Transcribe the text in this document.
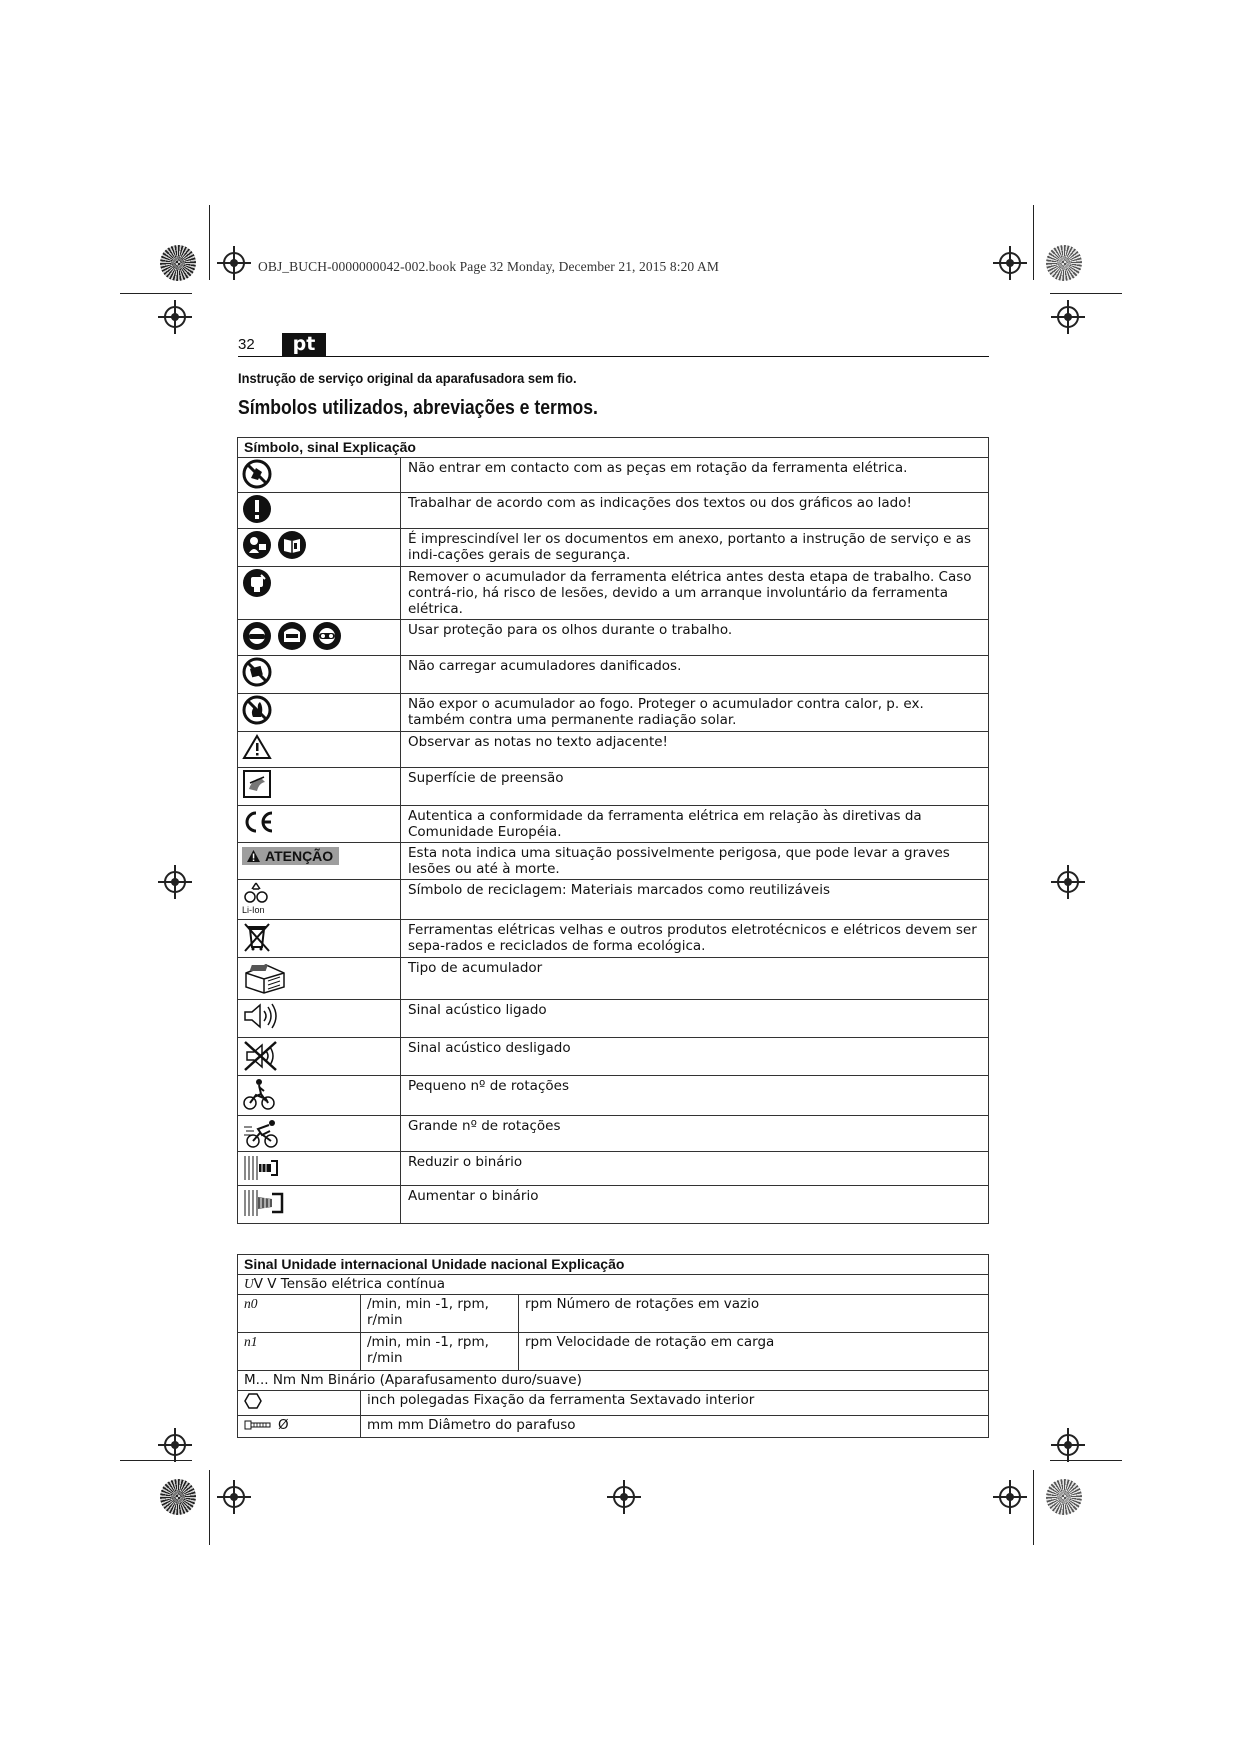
OBJ_BUCH-0000000042-002.book Page 32 Monday, December 21, 2015 8:20 AM
32	pt
Instrução de serviço original da aparafusadora sem fio.
Símbolos utilizados, abreviações e termos.
Símbolo, sinal Explicação	

	Não entrar em contacto com as peças em rotação da ferramenta elétrica.

	Trabalhar de acordo com as indicações dos textos ou dos gráficos ao lado!

	É imprescindível ler os documentos em anexo, portanto a instrução de serviço e as indi-cações gerais de segurança.

	Remover o acumulador da ferramenta elétrica antes desta etapa de trabalho. Caso contrá-rio, há risco de lesões, devido a um arranque involuntário da ferramenta elétrica.

	Usar proteção para os olhos durante o trabalho.

	Não carregar acumuladores danificados.

	Não expor o acumulador ao fogo. Proteger o acumulador contra calor, p. ex. também contra uma permanente radiação solar.

	Observar as notas no texto adjacente!

	Superfície de preensão

	Autentica a conformidade da ferramenta elétrica em relação às diretivas da Comunidade Européia.

ATENÇÃO	Esta nota indica uma situação possivelmente perigosa, que pode levar a graves lesões ou até à morte.

Li-Ion	Símbolo de reciclagem: Materiais marcados como reutilizáveis

	Ferramentas elétricas velhas e outros produtos eletrotécnicos e elétricos devem ser sepa-rados e reciclados de forma ecológica.

	Tipo de acumulador

	Sinal acústico ligado

	Sinal acústico desligado

	Pequeno nº de rotações

	Grande nº de rotações

	Reduzir o binário

	Aumentar o binário
Sinal Unidade internacional Unidade nacional Explicação		
UV V Tensão elétrica contínua		
n0	/min, min -1, rpm, r/min	rpm Número de rotações em vazio
n1	/min, min -1, rpm, r/min	rpm Velocidade de rotação em carga
M... Nm Nm Binário (Aparafusamento duro/suave)		
	inch polegadas Fixação da ferramenta Sextavado interior	

Ø	mm mm Diâmetro do parafuso	
